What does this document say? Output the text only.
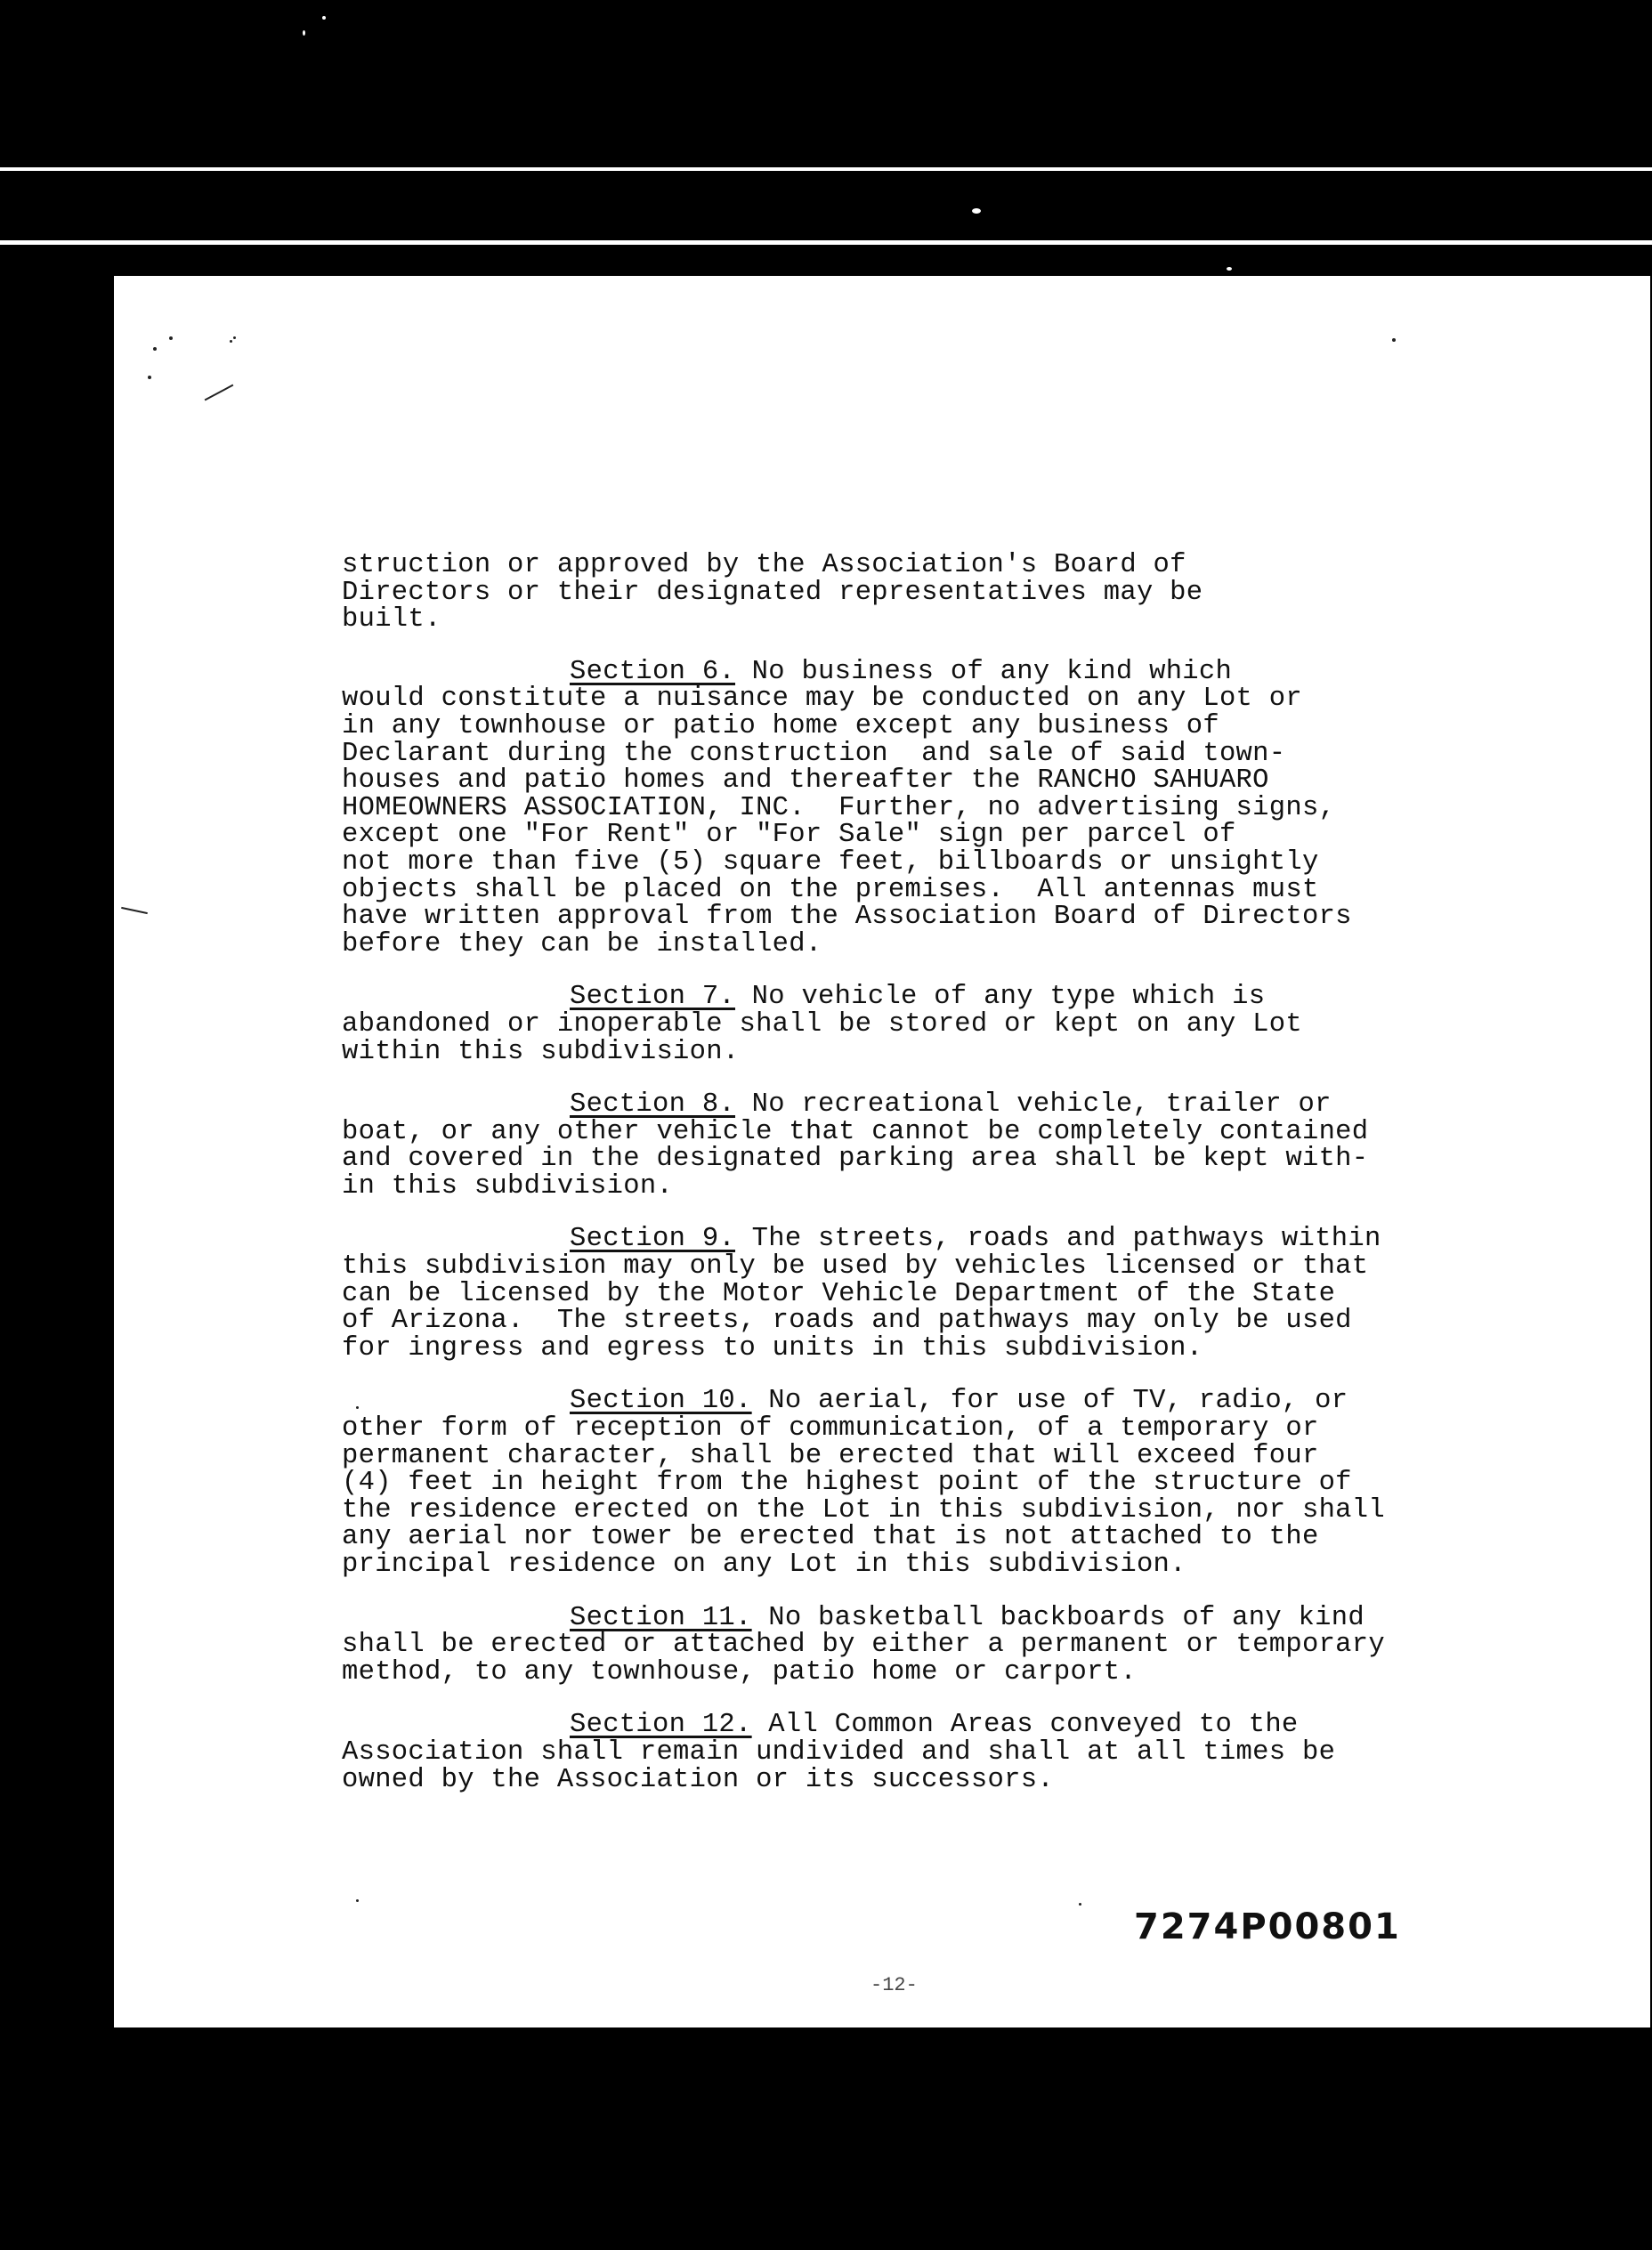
struction or approved by the Association's Board of
Directors or their designated representatives may be
built.
Section 6. No business of any kind which
would constitute a nuisance may be conducted on any Lot or
in any townhouse or patio home except any business of
Declarant during the construction  and sale of said town-
houses and patio homes and thereafter the RANCHO SAHUARO
HOMEOWNERS ASSOCIATION, INC.  Further, no advertising signs,
except one "For Rent" or "For Sale" sign per parcel of
not more than five (5) square feet, billboards or unsightly
objects shall be placed on the premises.  All antennas must
have written approval from the Association Board of Directors
before they can be installed.
Section 7. No vehicle of any type which is
abandoned or inoperable shall be stored or kept on any Lot
within this subdivision.
Section 8. No recreational vehicle, trailer or
boat, or any other vehicle that cannot be completely contained
and covered in the designated parking area shall be kept with-
in this subdivision.
Section 9. The streets, roads and pathways within
this subdivision may only be used by vehicles licensed or that
can be licensed by the Motor Vehicle Department of the State
of Arizona.  The streets, roads and pathways may only be used
for ingress and egress to units in this subdivision.
Section 10. No aerial, for use of TV, radio, or
other form of reception of communication, of a temporary or
permanent character, shall be erected that will exceed four
(4) feet in height from the highest point of the structure of
the residence erected on the Lot in this subdivision, nor shall
any aerial nor tower be erected that is not attached to the
principal residence on any Lot in this subdivision.
Section 11. No basketball backboards of any kind
shall be erected or attached by either a permanent or temporary
method, to any townhouse, patio home or carport.
Section 12. All Common Areas conveyed to the
Association shall remain undivided and shall at all times be
owned by the Association or its successors.
7274P00801
-12-
